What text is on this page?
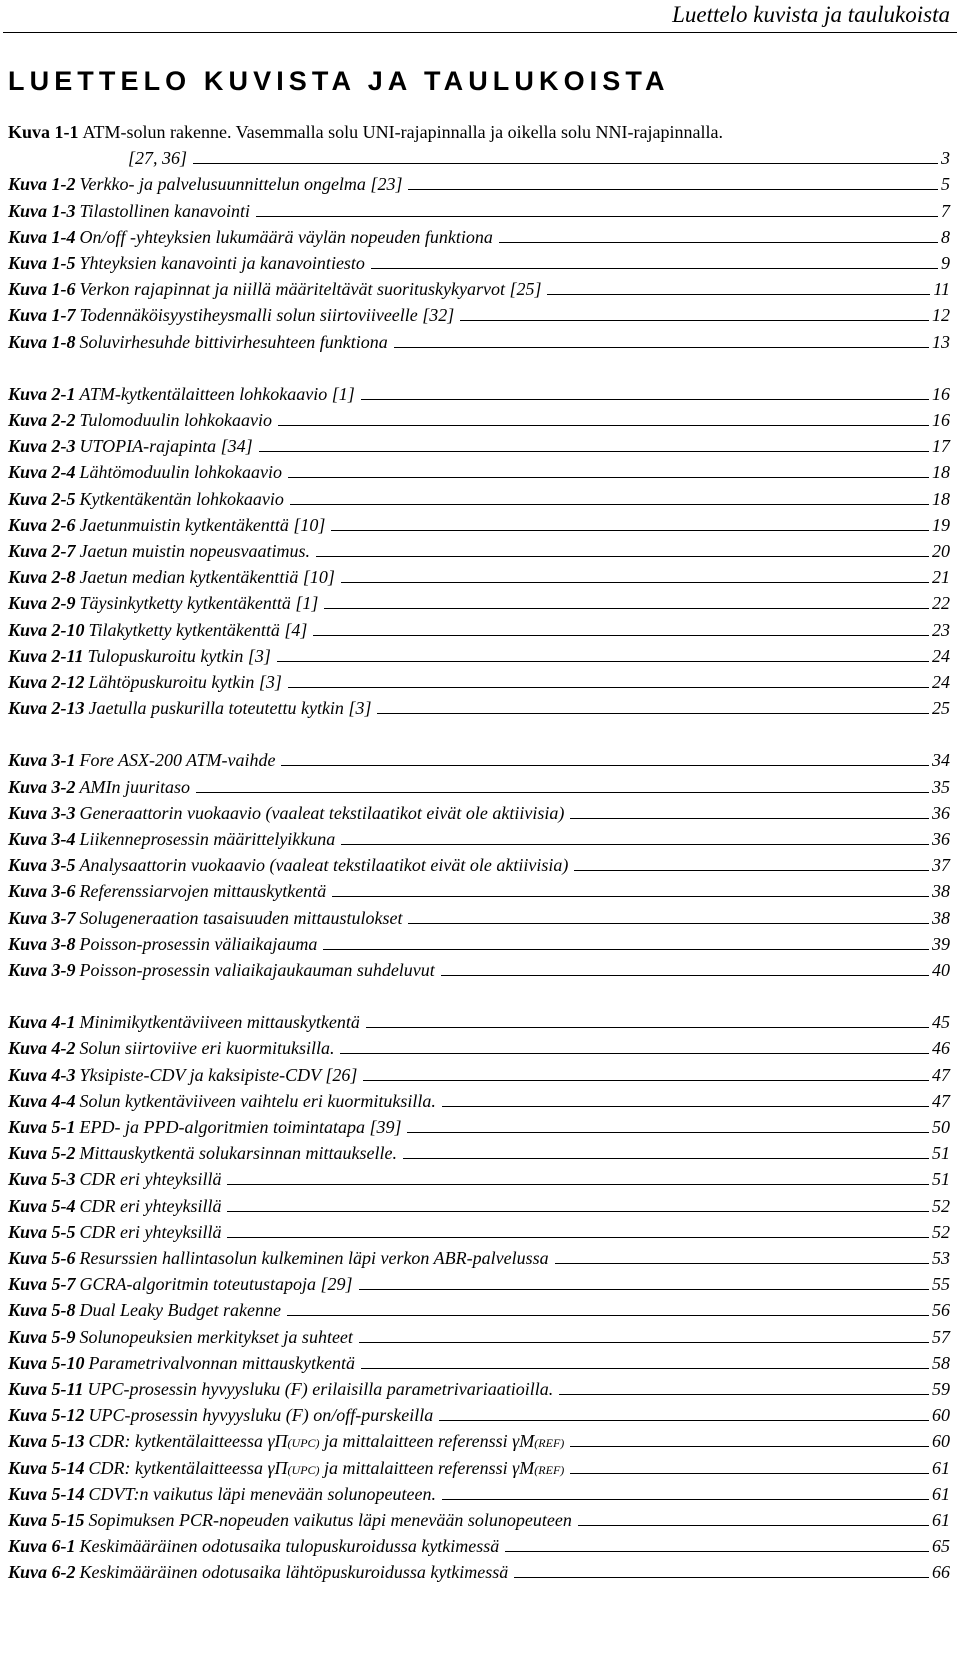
Luettelo kuvista ja taulukoista
LUETTELO KUVISTA JA TAULUKOISTA
Kuva 1-1 ATM-solun rakenne. Vasemmalla solu UNI-rajapinnalla ja oikella solu NNI-rajapinnalla.
[27, 36]	3
Kuva 1-2 Verkko- ja palvelusuunnittelun ongelma [23]	5
Kuva 1-3 Tilastollinen kanavointi	7
Kuva 1-4 On/off -yhteyksien lukumäärä väylän nopeuden funktiona	8
Kuva 1-5 Yhteyksien kanavointi ja kanavointiesto	9
Kuva 1-6 Verkon rajapinnat ja niillä määriteltävät suorituskykyarvot [25]	11
Kuva 1-7 Todennäköisyystiheysmalli solun siirtoviiveelle [32]	12
Kuva 1-8 Soluvirhesuhde bittivirhesuhteen funktiona	13
Kuva 2-1 ATM-kytkentälaitteen lohkokaavio [1]	16
Kuva 2-2 Tulomoduulin lohkokaavio	16
Kuva 2-3 UTOPIA-rajapinta [34]	17
Kuva 2-4 Lähtömoduulin lohkokaavio	18
Kuva 2-5 Kytkentäkentän lohkokaavio	18
Kuva 2-6 Jaetunmuistin kytkentäkenttä [10]	19
Kuva 2-7 Jaetun muistin nopeusvaatimus.	20
Kuva 2-8 Jaetun median kytkentäkenttiä [10]	21
Kuva 2-9 Täysinkytketty kytkentäkenttä [1]	22
Kuva 2-10 Tilakytketty kytkentäkenttä [4]	23
Kuva 2-11 Tulopuskuroitu kytkin [3]	24
Kuva 2-12 Lähtöpuskuroitu kytkin [3]	24
Kuva 2-13 Jaetulla puskurilla toteutettu kytkin [3]	25
Kuva 3-1 Fore ASX-200 ATM-vaihde	34
Kuva 3-2 AMIn juuritaso	35
Kuva 3-3 Generaattorin vuokaavio (vaaleat tekstilaatikot eivät ole aktiivisia)	36
Kuva 3-4 Liikenneprosessin määrittelyikkuna	36
Kuva 3-5 Analysaattorin vuokaavio (vaaleat tekstilaatikot eivät ole aktiivisia)	37
Kuva 3-6 Referenssiarvojen mittauskytkentä	38
Kuva 3-7 Solugeneraation tasaisuuden mittaustulokset	38
Kuva 3-8 Poisson-prosessin väliaikajauma	39
Kuva 3-9 Poisson-prosessin valiaikajaukauman suhdeluvut	40
Kuva 4-1 Minimikytkentäviiveen mittauskytkentä	45
Kuva 4-2 Solun siirtoviive eri kuormituksilla.	46
Kuva 4-3 Yksipiste-CDV ja kaksipiste-CDV [26]	47
Kuva 4-4 Solun kytkentäviiveen vaihtelu eri kuormituksilla.	47
Kuva 5-1 EPD- ja PPD-algoritmien toimintatapa [39]	50
Kuva 5-2 Mittauskytkentä solukarsinnan mittaukselle.	51
Kuva 5-3 CDR eri yhteyksillä	51
Kuva 5-4 CDR eri yhteyksillä	52
Kuva 5-5 CDR eri yhteyksillä	52
Kuva 5-6 Resurssien hallintasolun kulkeminen läpi verkon ABR-palvelussa	53
Kuva 5-7 GCRA-algoritmin toteutustapoja [29]	55
Kuva 5-8 Dual Leaky Budget rakenne	56
Kuva 5-9 Solunopeuksien merkitykset ja suhteet	57
Kuva 5-10 Parametrivalvonnan mittauskytkentä	58
Kuva 5-11 UPC-prosessin hyvyysluku (F) erilaisilla parametrivariaatioilla.	59
Kuva 5-12 UPC-prosessin hyvyysluku (F) on/off-purskeilla	60
Kuva 5-13 CDR: kytkentälaitteessa γΠ(UPC) ja mittalaitteen referenssi γΜ(REF)	60
Kuva 5-14 CDR: kytkentälaitteessa γΠ(UPC) ja mittalaitteen referenssi γΜ(REF)	61
Kuva 5-14 CDVT:n vaikutus läpi menevään solunopeuteen.	61
Kuva 5-15 Sopimuksen PCR-nopeuden vaikutus läpi menevään solunopeuteen	61
Kuva 6-1 Keskimääräinen odotusaika tulopuskuroidussa kytkimessä	65
Kuva 6-2 Keskimääräinen odotusaika lähtöpuskuroidussa kytkimessä	66
